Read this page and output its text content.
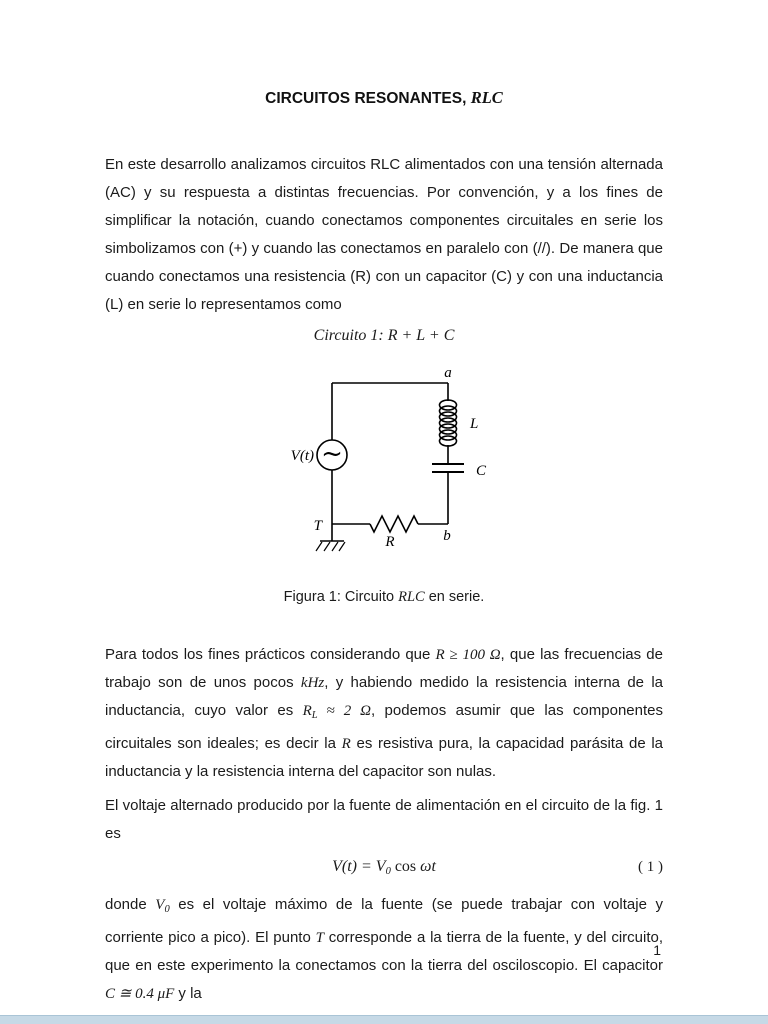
CIRCUITOS RESONANTES, RLC

En este desarrollo analizamos circuitos RLC alimentados con una tensión alternada (AC) y su respuesta a distintas frecuencias. Por convención, y a los fines de simplificar la notación, cuando conectamos componentes circuitales en serie los simbolizamos con (+) y cuando las conectamos en paralelo con (//). De manera que cuando conectamos una resistencia (R) con un capacitor (C) y con una inductancia (L) en serie lo representamos como

Circuito 1: R + L + C
~
V(t)
a
b
T
L
C
R

Figura 1: Circuito RLC en serie.

Para todos los fines prácticos considerando que R ≥ 100 Ω, que las frecuencias de trabajo son de unos pocos kHz, y habiendo medido la resistencia interna de la inductancia, cuyo valor es $R_L \approx 2$ Ω, podemos asumir que las componentes circuitales son ideales; es decir la R es resistiva pura, la capacidad parásita de la inductancia y la resistencia interna del capacitor son nulas.

El voltaje alternado producido por la fuente de alimentación en el circuito de la fig. 1 es

$V(t) = V_0$ cos ωt	( 1 )

donde $V_0$ es el voltaje máximo de la fuente (se puede trabajar con voltaje y corriente pico a pico). El punto T corresponde a la tierra de la fuente, y del circuito, que en este experimento la conectamos con la tierra del osciloscopio. El capacitor C ≅ 0.4 μF y la

1
